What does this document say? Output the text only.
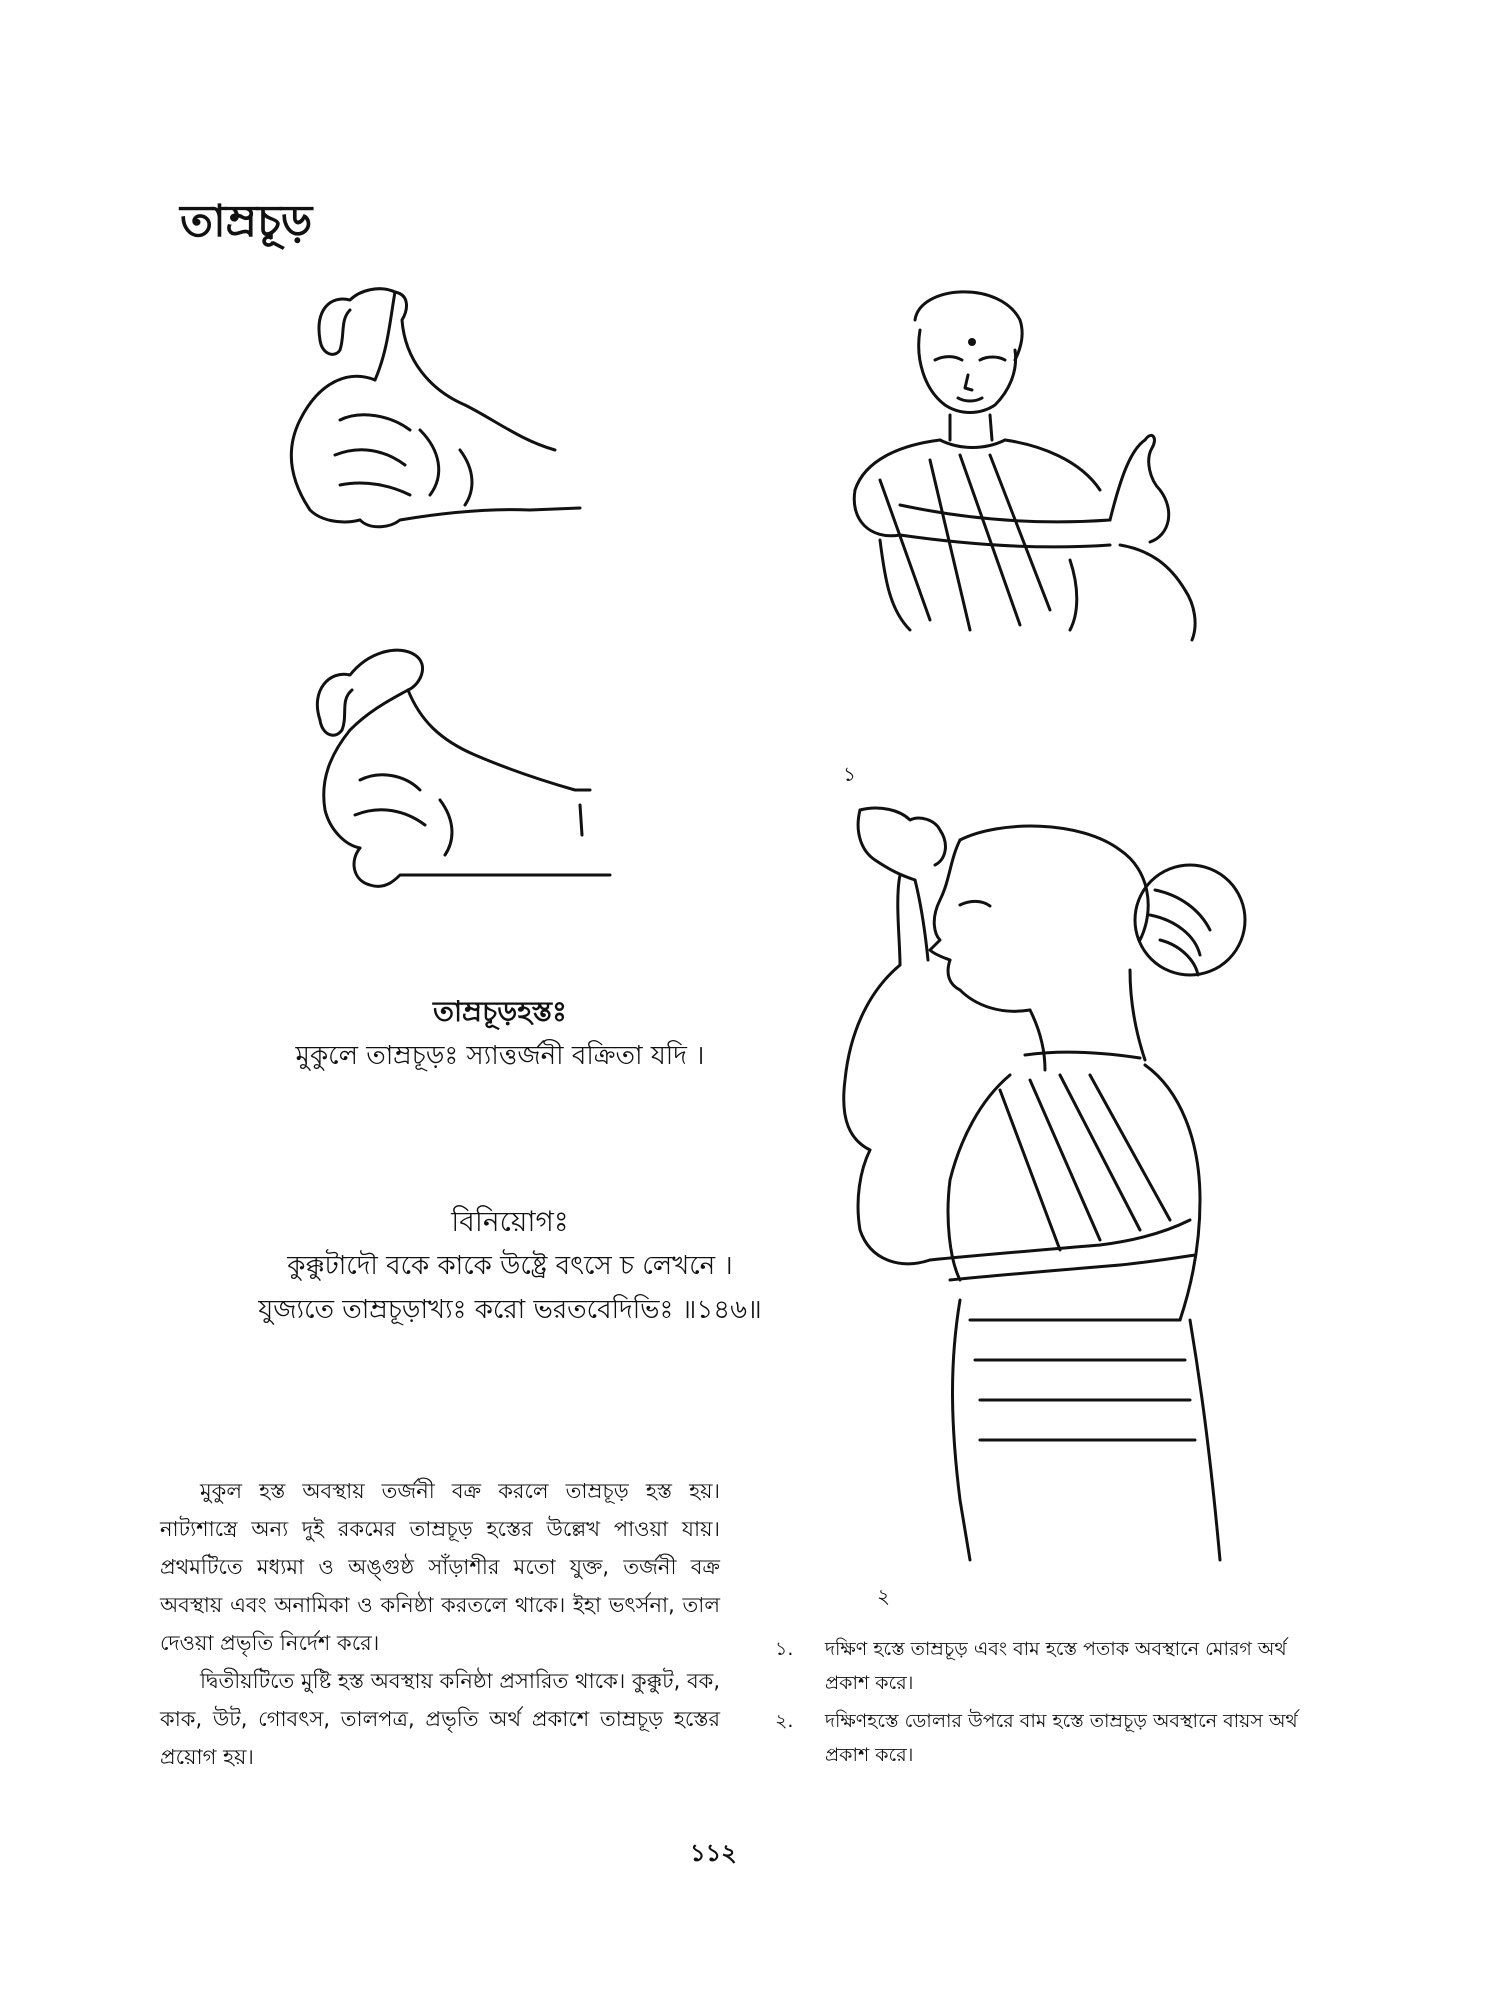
তাম্রচূড়
১
২
তাম্রচূড়হস্তঃ
মুকুলে তাম্রচূড়ঃ স্যাত্তর্জনী বক্রিতা যদি ।
বিনিয়োগঃ
কুক্কুটাদৌ বকে কাকে উষ্ট্রে বৎসে চ লেখনে ।
যুজ্যতে তাম্রচূড়াখ্যঃ করো ভরতবেদিভিঃ ॥১৪৬॥

মুকুল হস্ত অবস্থায় তর্জনী বক্র করলে তাম্রচূড় হস্ত হয়। নাট্যশাস্ত্রে অন্য দুই রকমের তাম্রচূড় হস্তের উল্লেখ পাওয়া যায়। প্রথমটিতে মধ্যমা ও অঙ্গুষ্ঠ সাঁড়াশীর মতো যুক্ত, তর্জনী বক্র অবস্থায় এবং অনামিকা ও কনিষ্ঠা করতলে থাকে। ইহা ভৎর্সনা, তাল দেওয়া প্রভৃতি নির্দেশ করে।

দ্বিতীয়টিতে মুষ্টি হস্ত অবস্থায় কনিষ্ঠা প্রসারিত থাকে। কুক্কুট, বক, কাক, উট, গোবৎস, তালপত্র, প্রভৃতি অর্থ প্রকাশে তাম্রচূড় হস্তের প্রয়োগ হয়।

১.	দক্ষিণ হস্তে তাম্রচূড় এবং বাম হস্তে পতাক অবস্থানে মোরগ অর্থ প্রকাশ করে।
২.	দক্ষিণহস্তে ডোলার উপরে বাম হস্তে তাম্রচূড় অবস্থানে বায়স অর্থ প্রকাশ করে।
১১২
